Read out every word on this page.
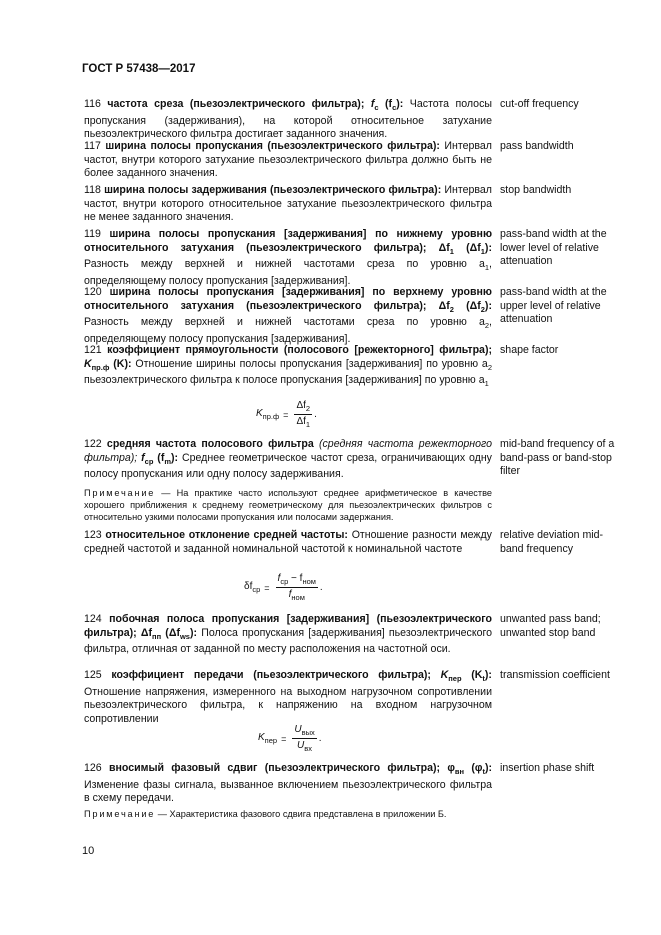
ГОСТ Р 57438—2017
116 частота среза (пьезоэлектрического фильтра); $f_c$ $(f_c)$: Частота полосы пропускания (задерживания), на которой относительное затухание пьезоэлектрического фильтра достигает заданного значения.
cut-off frequency
117 ширина полосы пропускания (пьезоэлектрического фильтра): Интервал частот, внутри которого затухание пьезоэлектрического фильтра должно быть не более заданного значения.
pass bandwidth
118 ширина полосы задерживания (пьезоэлектрического фильтра): Интервал частот, внутри которого относительное затухание пьезоэлектрического фильтра не менее заданного значения.
stop bandwidth
119 ширина полосы пропускания [задерживания] по нижнему уровню относительного затухания (пьезоэлектрического фильтра); $\Delta f_1$ $(\Delta f_1)$: Разность между верхней и нижней частотами среза по уровню $a_1$, определяющему полосу пропускания [задерживания].
pass-band width at the lower level of relative attenuation
120 ширина полосы пропускания [задерживания] по верхнему уровню относительного затухания (пьезоэлектрического фильтра); $\Delta f_2$ $(\Delta f_2)$: Разность между верхней и нижней частотами среза по уровню $a_2$, определяющему полосу пропускания [задерживания].
pass-band width at the upper level of relative attenuation
121 коэффициент прямоугольности (полосового [режекторного] фильтра); $K_{пр.ф}$ (K): Отношение ширины полосы пропускания [задерживания] по уровню $a_2$ пьезоэлектрического фильтра к полосе пропускания [задерживания] по уровню $a_1$
shape factor
$K_{пр.ф} = \frac{\Delta f_2}{\Delta f_1}$ .
122 средняя частота полосового фильтра (средняя частота режекторного фильтра); $f_{ср}$ $(f_m)$: Среднее геометрическое частот среза, ограничивающих одну полосу пропускания или одну полосу задерживания.
mid-band frequency of a band-pass or band-stop filter
Примечание — На практике часто используют среднее арифметическое в качестве хорошего приближения к среднему геометрическому для пьезоэлектрических фильтров с относительно узкими полосами пропускания или полосами задержания.
123 относительное отклонение средней частоты: Отношение разности между средней частотой и заданной номинальной частотой к номинальной частоте
relative deviation mid-band frequency
$\delta f_{ср} = \frac{f_{ср} - f_{ном}}{f_{ном}}$ .
124 побочная полоса пропускания [задерживания] (пьезоэлектрического фильтра); $\Delta f_{пп}$ $(\Delta f_{ws})$: Полоса пропускания [задерживания] пьезоэлектрического фильтра, отличная от заданной по месту расположения на частотной оси.
unwanted pass band; unwanted stop band
125 коэффициент передачи (пьезоэлектрического фильтра); $K_{пер}$ $(K_t)$: Отношение напряжения, измеренного на выходном нагрузочном сопротивлении пьезоэлектрического фильтра, к напряжению на входном нагрузочном сопротивлении
transmission coefficient
$K_{пер} = \frac{U_{вых}}{U_{вх}}$ .
126 вносимый фазовый сдвиг (пьезоэлектрического фильтра); $\varphi_{вн}$ $(\varphi_t)$: Изменение фазы сигнала, вызванное включением пьезоэлектрического фильтра в схему передачи.
insertion phase shift
Примечание — Характеристика фазового сдвига представлена в приложении Б.
10
